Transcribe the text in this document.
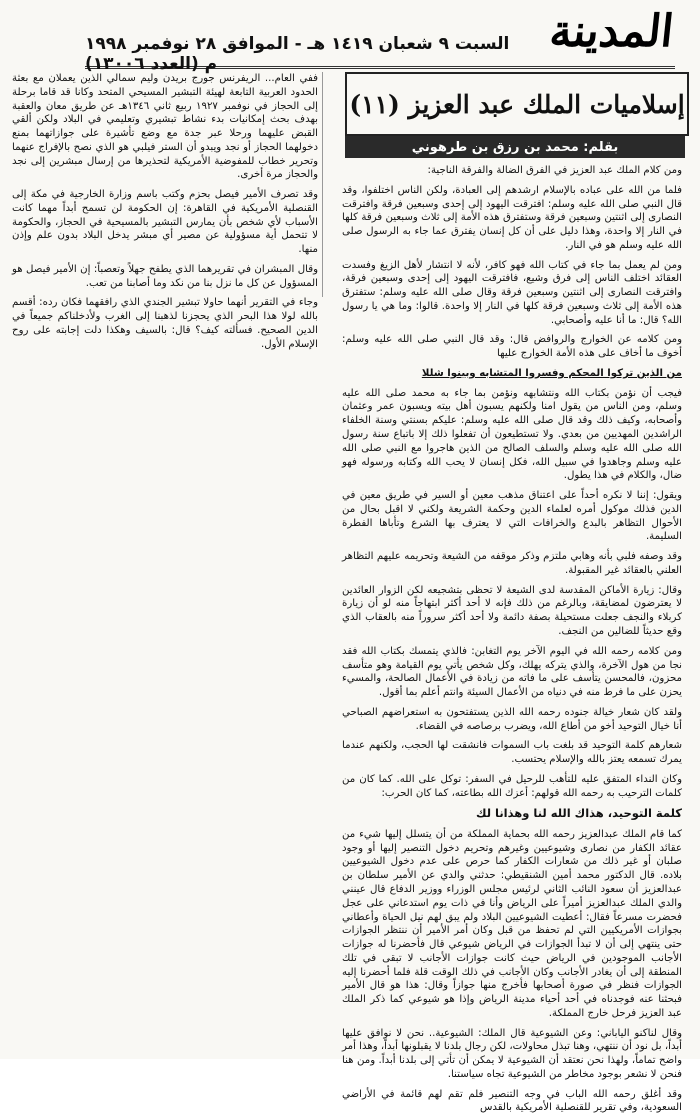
المدينة
السبت ٩ شعبان ١٤١٩ هـ - الموافق ٢٨ نوفمبر ١٩٩٨ م (العدد ١٣٠٠٦)

ففي العام... الريفرنس جورج بريدن وليم سمالي الذين يعملان مع بعثة الحدود العربية التابعة لهيئة التبشير المسيحي المتحد وكانا قد قاما برحلة إلى الحجاز في نوفمبر ١٩٢٧ ربيع ثاني ١٣٤٦هـ عن طريق معان والعقبة بهدف بحث إمكانيات بدء نشاط تبشيري وتعليمي في البلاد ولكن ألقي القبض عليهما ورحلا عبر جدة مع وضع تأشيرة على جوازاتهما بمنع دخولهما الحجاز أو نجد ويبدو أن الستر فيلبي هو الذي نصح بالإفراج عنهما وتحرير خطاب للمفوضية الأمريكية لتحذيرها من إرسال مبشرين إلى نجد والحجاز مرة أخرى.

وقد تصرف الأمير فيصل بحزم وكتب باسم وزارة الخارجية في مكة إلى القنصلية الأمريكية في القاهرة: إن الحكومة لن تسمح أبداً مهما كانت الأسباب لأي شخص بأن يمارس التبشير بالمسيحية في الحجاز، والحكومة لا تتحمل أية مسؤولية عن مصير أي مبشر يدخل البلاد بدون علم وإذن منها.

وقال المبشران في تقريرهما الذي يطفح جهلاً وتعصباً: إن الأمير فيصل هو المسؤول عن كل ما نزل بنا من نكد وما أصابنا من تعب.

وجاء في التقرير أنهما حاولا تبشير الجندي الذي رافقهما فكان رده: أقسم بالله لولا هذا البحر الذي يحجزنا لذهبنا إلى الغرب ولأدخلناكم جميعاً في الدين الصحيح. فسألته كيف؟ قال: بالسيف وهكذا دلت إجابته على روح الإسلام الأول.

إسلاميات الملك عبد العزيز (١١)
بقلم: محمد بن رزق بن طرهوني

ومن كلام الملك عبد العزيز في الفرق الضالة والفرقة الناجية:

فلما من الله على عباده بالإسلام ارشدهم إلى العبادة، ولكن الناس اختلفوا، وقد قال النبي صلى الله عليه وسلم: افترقت اليهود إلى إحدى وسبعين فرقة وافترقت النصارى إلى اثنتين وسبعين فرقة وستفترق هذه الأمة إلى ثلاث وسبعين فرقة كلها في النار إلا واحدة، وهذا دليل على أن كل إنسان يفترق عما جاء به الرسول صلى الله عليه وسلم هو في النار.

ومن لم يعمل بما جاء في كتاب الله فهو كافر، لأنه لا انتشار لأهل الزيغ وفسدت العقائد اختلف الناس إلى فرق وشيع، فافترقت اليهود إلى إحدى وسبعين فرقة، وافترقت النصارى إلى اثنتين وسبعين فرقة وقال صلى الله عليه وسلم: ستفترق هذه الأمة إلى ثلاث وسبعين فرقة كلها في النار إلا واحدة. قالوا: وما هي يا رسول الله؟ قال: ما أنا عليه وأصحابي.

ومن كلامه عن الخوارج والروافض قال: وقد قال النبي صلى الله عليه وسلم: أخوف ما أخاف على هذه الأمة الخوارج عليها

من الذين تركوا المحكم وفسروا المتشابه وبينوا شللا

فيجب أن نؤمن بكتاب الله ونتشابهه ونؤمن بما جاء به محمد صلى الله عليه وسلم، ومن الناس من يقول امنا ولكنهم يسبون أهل بيته ويسبون عمر وعثمان وأصحابه، وكيف ذلك وقد قال صلى الله عليه وسلم: عليكم بسنتي وسنة الخلفاء الراشدين المهديين من بعدي. ولا تستطيعون أن تفعلوا ذلك إلا باتباع سنة رسول الله صلى الله عليه وسلم والسلف الصالح من الذين هاجروا مع النبي صلى الله عليه وسلم وجاهدوا في سبيل الله، فكل إنسان لا يحب الله وكتابه ورسوله فهو ضال، والكلام في هذا يطول.

ويقول: إننا لا نكره أحداً على اعتناق مذهب معين أو السير في طريق معين في الدين فذلك موكول أمره لعلماء الدين وحكمة الشريعة ولكني لا اقبل بحال من الأحوال التظاهر بالبدع والخرافات التي لا يعترف بها الشرع وتأباها الفطرة السليمة.

وقد وصفه فلبي بأنه وهابي ملتزم وذكر موقفه من الشيعة وتحريمه عليهم التظاهر العلني بالعقائد غير المقبولة.

وقال: زيارة الأماكن المقدسة لدى الشيعة لا تحظى بتشجيعه لكن الزوار العائدين لا يعترضون لمضايقة، وبالرغم من ذلك فإنه لا أحد أكثر ابتهاجاً منه لو أن زيارة كربلاء والنجف جعلت مستحيلة بصفة دائمة ولا أحد أكثر سروراً منه بالعقاب الذي وقع حديثاً للضالين من النجف.

ومن كلامه رحمه الله في اليوم الآخر يوم التغابن: فالذي يتمسك بكتاب الله فقد نجا من هول الآخرة، والذي يتركه يهلك، وكل شخص يأتي يوم القيامة وهو متأسف محزون، فالمحسن يتأسف على ما فاته من زيادة في الأعمال الصالحة، والمسيء يحزن على ما فرط منه في دنياه من الأعمال السيئة وانتم أعلم بما أقول.

ولقد كان شعار خيالة جنوده رحمه الله الذين يستفتحون به استعراضهم الصباحي أنا خيال التوحيد أخو من أطاع الله، ويضرب برصاصه في القضاء.

شعارهم كلمة التوحيد قد بلغت باب السموات فانشقت لها الحجب، ولكنهم عندما يمرك تسمعه يعتز بالله والإسلام يحتسب.

وكان النداء المتفق عليه للتأهب للرحيل في السفر: توكل على الله. كما كان من كلمات الترحيب به رحمه الله قولهم: أعزك الله بطاعته، كما كان الحرب:

كلمة التوحيد، هذاك الله لنا وهذانا لك

كما قام الملك عبدالعزيز رحمه الله بحماية المملكة من أن يتسلل إليها شيء من عقائد الكفار من نصارى وشيوعيين وغيرهم وتحريم دخول التنصير إليها أو وجود صلبان أو غير ذلك من شعارات الكفار كما حرص على عدم دخول الشيوعيين بلاده. قال الدكتور محمد أمين الشنقيطي: حدثني والدي عن الأمير سلطان بن عبدالعزيز أن سعود النائب الثاني لرئيس مجلس الوزراء ووزير الدفاع قال عينني والدي الملك عبدالعزيز أميراً على الرياض وأنا في ذات يوم استدعاني على عجل فحضرت مسرعاً فقال: أعطيت الشيوعيين البلاد ولم يبق لهم نيل الحياة وأعطاني بجوازات الأمريكيين التي لم تحفظ من قبل وكان أمر الأمير أن ننتظر الجوازات حتى ينتهي إلى أن لا تبدأ الجوازات في الرياض شيوعي قال فأحضرنا له جوازات الأجانب الموجودين في الرياض حيث كانت جوازات الأجانب لا تبقى في تلك المنطقة إلى أن يغادر الأجانب وكان الأجانب في ذلك الوقت قلة فلما أحضرنا إليه الجوازات فنظر في صورة أصحابها فأخرج منها جوازاً وقال: هذا هو قال الأمير فبحثنا عنه فوجدناه في أحد أحياء مدينة الرياض وإذا هو شيوعي كما ذكر الملك عبد العزيز فرحل خارج المملكة.

وقال لناكنو الياباني: وعن الشيوعية قال الملك: الشيوعية.. نحن لا نوافق عليها أبداً، بل نود أن ننتهي، وهنا تبذل محاولات، لكن رجال بلدنا لا يقبلونها أبداً، وهذا أمر واضح تماماً، ولهذا نحن نعتقد أن الشيوعية لا يمكن أن تأتي إلى بلدنا أبداً. ومن هنا فنحن لا نشعر بوجود مخاطر من الشيوعية تجاه سياستنا.

وقد أغلق رحمه الله الباب في وجه التنصير فلم تقم لهم قائمة في الأراضي السعودية، وفي تقرير للقنصلية الأمريكية بالقدس
